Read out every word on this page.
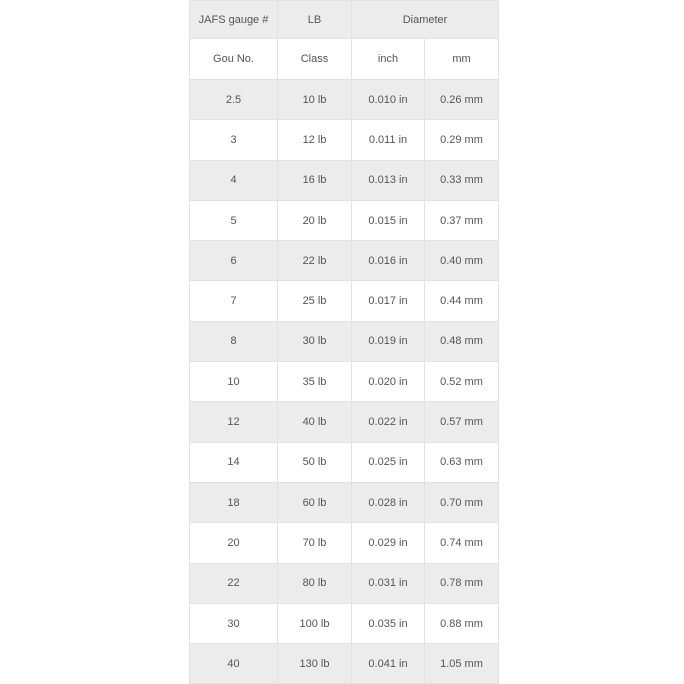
JAFS gauge #	LB	Diameter	
Gou No.	Class	inch	mm
2.5	10 lb	0.010 in	0.26 mm
3	12 lb	0.011 in	0.29 mm
4	16 lb	0.013 in	0.33 mm
5	20 lb	0.015 in	0.37 mm
6	22 lb	0.016 in	0.40 mm
7	25 lb	0.017 in	0.44 mm
8	30 lb	0.019 in	0.48 mm
10	35 lb	0.020 in	0.52 mm
12	40 lb	0.022 in	0.57 mm
14	50 lb	0.025 in	0.63 mm
18	60 lb	0.028 in	0.70 mm
20	70 lb	0.029 in	0.74 mm
22	80 lb	0.031 in	0.78 mm
30	100 lb	0.035 in	0.88 mm
40	130 lb	0.041 in	1.05 mm
